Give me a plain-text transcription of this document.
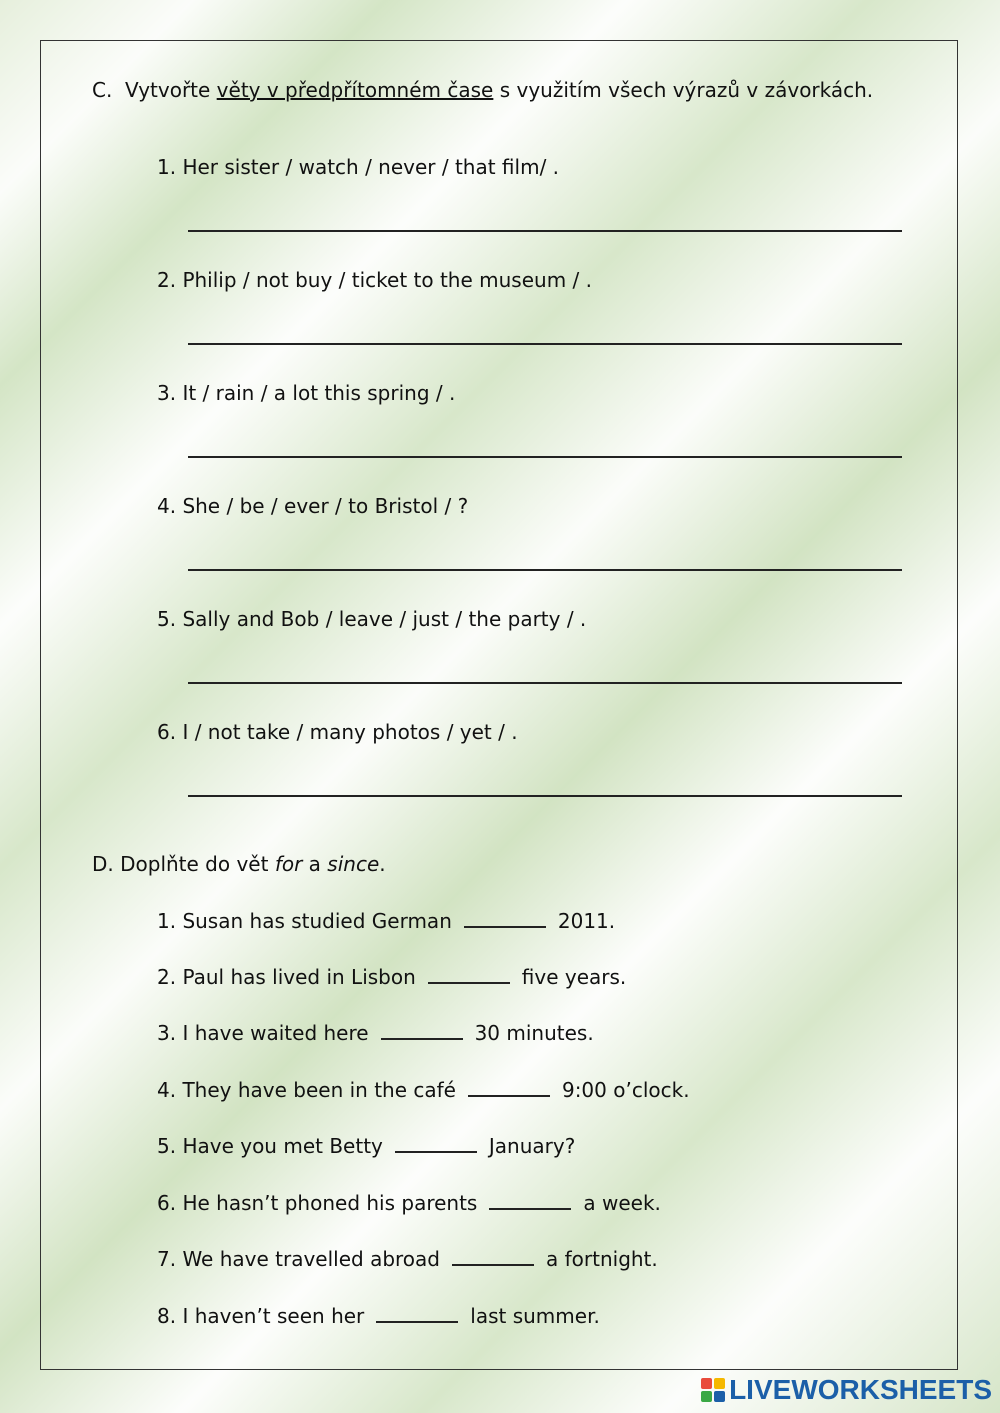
C. Vytvořte věty v předpřítomném čase s využitím všech výrazů v závorkách.
1. Her sister / watch / never / that film/ .
2. Philip / not buy / ticket to the museum / .
3. It / rain / a lot this spring / .
4. She / be / ever / to Bristol / ?
5. Sally and Bob / leave / just / the party / .
6. I / not take / many photos / yet / .
D. Doplňte do vět for a since.
1. Susan has studied German	2011.
2. Paul has lived in Lisbon	five years.
3. I have waited here	30 minutes.
4. They have been in the café	9:00 o’clock.
5. Have you met Betty	January?
6. He hasn’t phoned his parents	a week.
7. We have travelled abroad	a fortnight.
8. I haven’t seen her	last summer.
LIVEWORKSHEETS
